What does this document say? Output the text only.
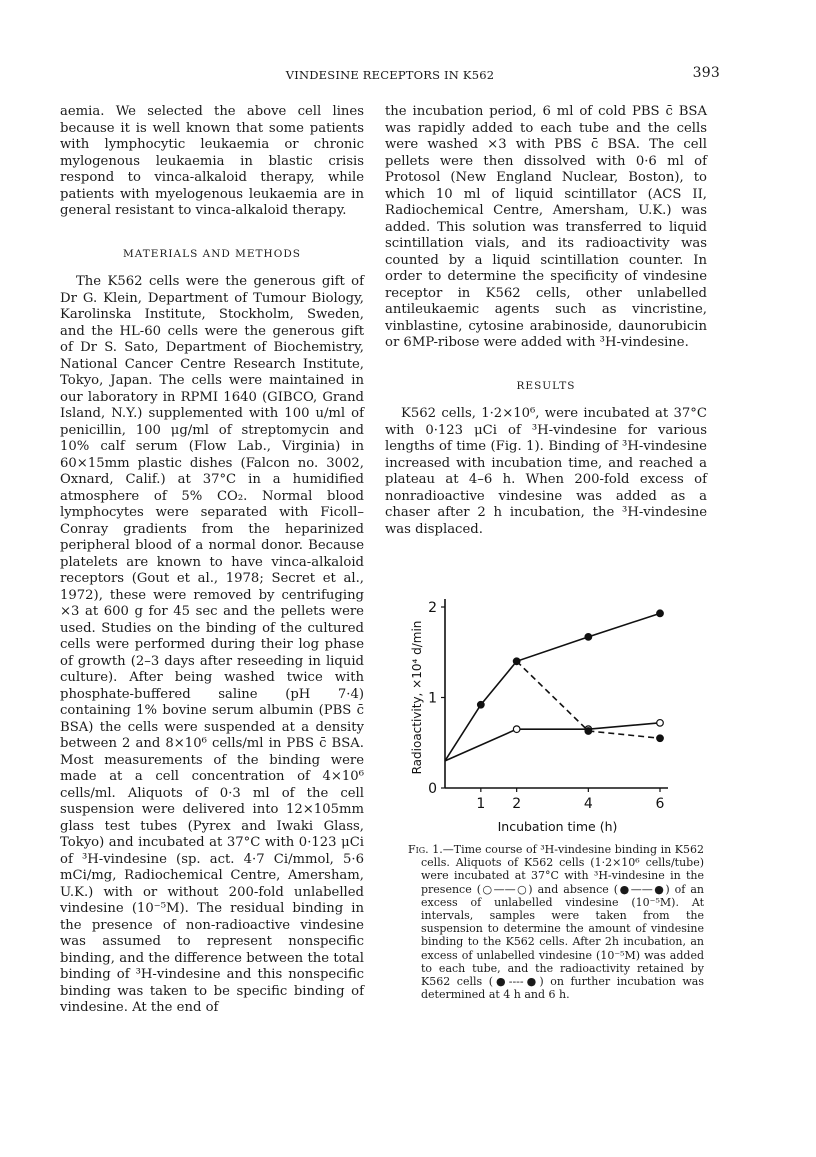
VINDESINE RECEPTORS IN K562	393

aemia. We selected the above cell lines because it is well known that some patients with lymphocytic leukaemia or chronic mylogenous leukaemia in blastic crisis respond to vinca-alkaloid therapy, while patients with myelogenous leukaemia are in general resistant to vinca-alkaloid therapy.

MATERIALS AND METHODS

The K562 cells were the generous gift of Dr G. Klein, Department of Tumour Biology, Karolinska Institute, Stockholm, Sweden, and the HL-60 cells were the generous gift of Dr S. Sato, Department of Biochemistry, National Cancer Centre Research Institute, Tokyo, Japan. The cells were maintained in our laboratory in RPMI 1640 (GIBCO, Grand Island, N.Y.) supplemented with 100 u/ml of penicillin, 100 μg/ml of streptomycin and 10% calf serum (Flow Lab., Virginia) in 60×15mm plastic dishes (Falcon no. 3002, Oxnard, Calif.) at 37°C in a humidified atmosphere of 5% CO₂. Normal blood lymphocytes were separated with Ficoll–Conray gradients from the heparinized peripheral blood of a normal donor. Because platelets are known to have vinca-alkaloid receptors (Gout et al., 1978; Secret et al., 1972), these were removed by centrifuging ×3 at 600 g for 45 sec and the pellets were used. Studies on the binding of the cultured cells were performed during their log phase of growth (2–3 days after reseeding in liquid culture). After being washed twice with phosphate-buffered saline (pH 7·4) containing 1% bovine serum albumin (PBS c̄ BSA) the cells were suspended at a density between 2 and 8×10⁶ cells/ml in PBS c̄ BSA. Most measurements of the binding were made at a cell concentration of 4×10⁶ cells/ml. Aliquots of 0·3 ml of the cell suspension were delivered into 12×105mm glass test tubes (Pyrex and Iwaki Glass, Tokyo) and incubated at 37°C with 0·123 μCi of ³H-vindesine (sp. act. 4·7 Ci/mmol, 5·6 mCi/mg, Radiochemical Centre, Amersham, U.K.) with or without 200-fold unlabelled vindesine (10⁻⁵M). The residual binding in the presence of non-radioactive vindesine was assumed to represent nonspecific binding, and the difference between the total binding of ³H-vindesine and this nonspecific binding was taken to be specific binding of vindesine. At the end of

the incubation period, 6 ml of cold PBS c̄ BSA was rapidly added to each tube and the cells were washed ×3 with PBS c̄ BSA. The cell pellets were then dissolved with 0·6 ml of Protosol (New England Nuclear, Boston), to which 10 ml of liquid scintillator (ACS II, Radiochemical Centre, Amersham, U.K.) was added. This solution was transferred to liquid scintillation vials, and its radioactivity was counted by a liquid scintillation counter. In order to determine the specificity of vindesine receptor in K562 cells, other unlabelled antileukaemic agents such as vincristine, vinblastine, cytosine arabinoside, daunorubicin or 6MP-ribose were added with ³H-vindesine.

RESULTS

K562 cells, 1·2×10⁶, were incubated at 37°C with 0·123 μCi of ³H-vindesine for various lengths of time (Fig. 1). Binding of ³H-vindesine increased with incubation time, and reached a plateau at 4–6 h. When 200-fold excess of nonradioactive vindesine was added as a chaser after 2 h incubation, the ³H-vindesine was displaced.

0
1
2
1 2	4	6
Incubation time (h)
Radioactivity, ×10⁴ d/min
Fig. 1.—Time course of ³H-vindesine binding in K562 cells. Aliquots of K562 cells (1·2×10⁶ cells/tube) were incubated at 37°C with ³H-vindesine in the presence (○——○) and absence (●——●) of an excess of unlabelled vindesine (10⁻⁵M). At intervals, samples were taken from the suspension to determine the amount of vindesine binding to the K562 cells. After 2h incubation, an excess of unlabelled vindesine (10⁻⁵M) was added to each tube, and the radioactivity retained by K562 cells (●----●) on further incubation was determined at 4 h and 6 h.
